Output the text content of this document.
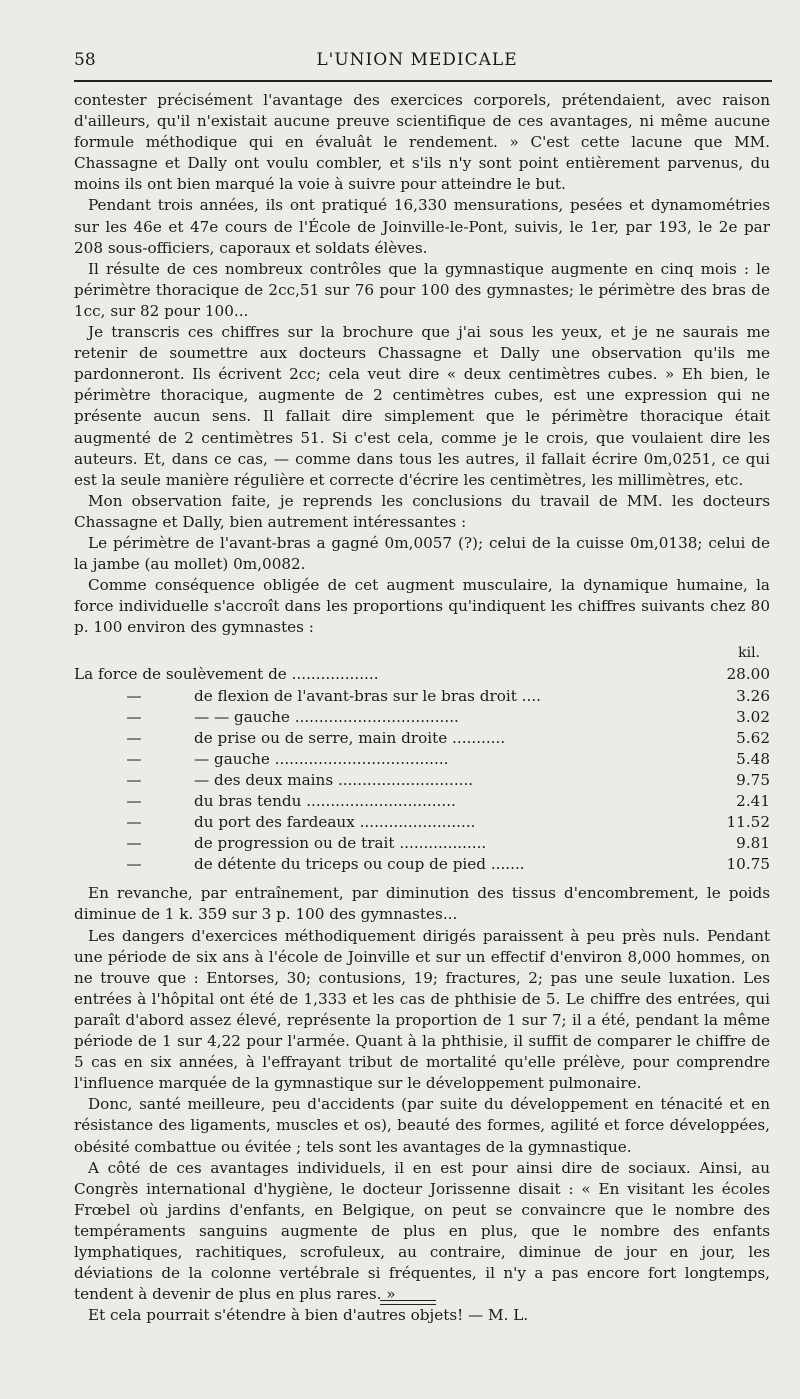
58	L'UNION MEDICALE

contester précisément l'avantage des exercices corporels, prétendaient, avec raison d'ailleurs, qu'il n'existait aucune preuve scientifique de ces avantages, ni même aucune formule méthodique qui en évaluât le rendement. » C'est cette lacune que MM. Chassagne et Dally ont voulu combler, et s'ils n'y sont point entièrement parvenus, du moins ils ont bien marqué la voie à suivre pour atteindre le but.

Pendant trois années, ils ont pratiqué 16,330 mensurations, pesées et dynamométries sur les 46e et 47e cours de l'École de Joinville-le-Pont, suivis, le 1er, par 193, le 2e par 208 sous-officiers, caporaux et soldats élèves.

Il résulte de ces nombreux contrôles que la gymnastique augmente en cinq mois : le périmètre thoracique de 2cc,51 sur 76 pour 100 des gymnastes; le périmètre des bras de 1cc, sur 82 pour 100...

Je transcris ces chiffres sur la brochure que j'ai sous les yeux, et je ne saurais me retenir de soumettre aux docteurs Chassagne et Dally une observation qu'ils me pardonneront. Ils écrivent 2cc; cela veut dire « deux centimètres cubes. » Eh bien, le périmètre thoracique, augmente de 2 centimètres cubes, est une expression qui ne présente aucun sens. Il fallait dire simplement que le périmètre thoracique était augmenté de 2 centimètres 51. Si c'est cela, comme je le crois, que voulaient dire les auteurs. Et, dans ce cas, — comme dans tous les autres, il fallait écrire 0m,0251, ce qui est la seule manière régulière et correcte d'écrire les centimètres, les millimètres, etc.

Mon observation faite, je reprends les conclusions du travail de MM. les docteurs Chassagne et Dally, bien autrement intéressantes :

Le périmètre de l'avant-bras a gagné 0m,0057 (?); celui de la cuisse 0m,0138; celui de la jambe (au mollet) 0m,0082.

Comme conséquence obligée de cet augment musculaire, la dynamique humaine, la force individuelle s'accroît dans les proportions qu'indiquent les chiffres suivants chez 80 p. 100 environ des gymnastes :

kil.
La force de soulèvement de ..................		28.00
—	de flexion de l'avant-bras sur le bras droit ....	3.26
—	— — gauche ..................................	3.02
—	de prise ou de serre, main droite ...........	5.62
—	— gauche ....................................	5.48
—	— des deux mains ............................	9.75
—	du bras tendu ...............................	2.41
—	du port des fardeaux ........................	11.52
—	de progression ou de trait ..................	9.81
—	de détente du triceps ou coup de pied .......	10.75

En revanche, par entraînement, par diminution des tissus d'encombrement, le poids diminue de 1 k. 359 sur 3 p. 100 des gymnastes...

Les dangers d'exercices méthodiquement dirigés paraissent à peu près nuls. Pendant une période de six ans à l'école de Joinville et sur un effectif d'environ 8,000 hommes, on ne trouve que : Entorses, 30; contusions, 19; fractures, 2; pas une seule luxation. Les entrées à l'hôpital ont été de 1,333 et les cas de phthisie de 5. Le chiffre des entrées, qui paraît d'abord assez élevé, représente la proportion de 1 sur 7; il a été, pendant la même période de 1 sur 4,22 pour l'armée. Quant à la phthisie, il suffit de comparer le chiffre de 5 cas en six années, à l'effrayant tribut de mortalité qu'elle prélève, pour comprendre l'influence marquée de la gymnastique sur le développement pulmonaire.

Donc, santé meilleure, peu d'accidents (par suite du développement en ténacité et en résistance des ligaments, muscles et os), beauté des formes, agilité et force développées, obésité combattue ou évitée ; tels sont les avantages de la gymnastique.

A côté de ces avantages individuels, il en est pour ainsi dire de sociaux. Ainsi, au Congrès international d'hygiène, le docteur Jorissenne disait : « En visitant les écoles Frœbel où jardins d'enfants, en Belgique, on peut se convaincre que le nombre des tempéraments sanguins augmente de plus en plus, que le nombre des enfants lymphatiques, rachitiques, scrofuleux, au contraire, diminue de jour en jour, les déviations de la colonne vertébrale si fréquentes, il n'y a pas encore fort longtemps, tendent à devenir de plus en plus rares. »

Et cela pourrait s'étendre à bien d'autres objets! — M. L.
